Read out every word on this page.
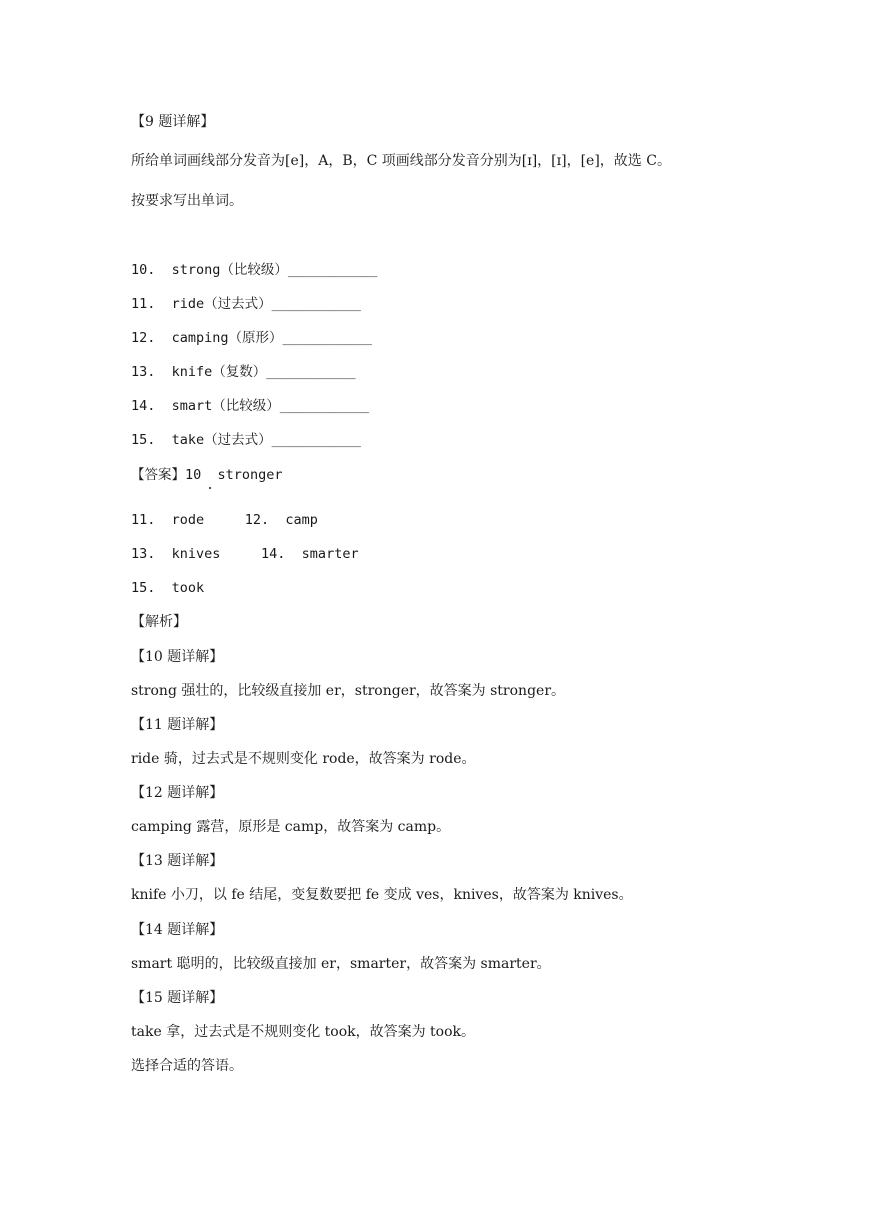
【9 题详解】
所给单词画线部分发音为[e]，A，B，C 项画线部分发音分别为[ɪ]，[ɪ]，[e]，故选 C。
按要求写出单词。
10.  strong（比较级）___________
11.  ride（过去式）___________
12.  camping（原形）___________
13.  knife（复数）___________
14.  smart（比较级）___________
15.  take（过去式）___________
【答案】10  stronger
11.  rode     12.  camp
13.  knives     14.  smarter
15.  took
【解析】
【10 题详解】
strong 强壮的，比较级直接加 er，stronger，故答案为 stronger。
【11 题详解】
ride 骑，过去式是不规则变化 rode，故答案为 rode。
【12 题详解】
camping 露营，原形是 camp，故答案为 camp。
【13 题详解】
knife 小刀，以 fe 结尾，变复数要把 fe 变成 ves，knives，故答案为 knives。
【14 题详解】
smart 聪明的，比较级直接加 er，smarter，故答案为 smarter。
【15 题详解】
take 拿，过去式是不规则变化 took，故答案为 took。
选择合适的答语。
